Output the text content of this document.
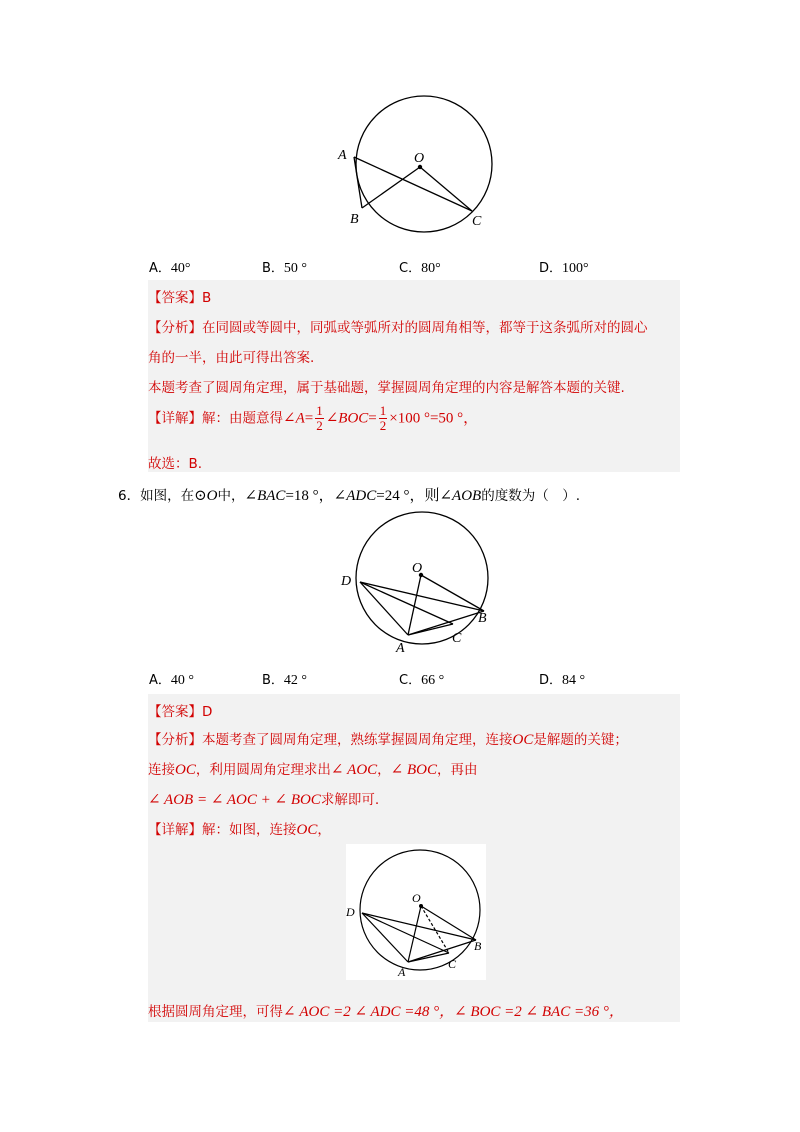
A	O
B	C
A．40°	B．50 °	C．80°	D．100°
【答案】B
【分析】在同圆或等圆中，同弧或等弧所对的圆周角相等，都等于这条弧所对的圆心
角的一半，由此可得出答案.
本题考查了圆周角定理，属于基础题，掌握圆周角定理的内容是解答本题的关键.
【详解】解：由题意得∠A= $\frac{1}{2}$ ∠BOC= $\frac{1}{2} \times 100$ °=50 °，
故选：B.
6．如图，在⊙O中，∠BAC=18 °，∠ADC=24 °，则∠AOB的度数为（　）.
D
O
B
C
A
A．40 °	B．42 °	C．66 °	D．84 °
【答案】D
【分析】本题考查了圆周角定理，熟练掌握圆周角定理，连接OC是解题的关键；
连接OC，利用圆周角定理求出∠ AOC，∠ BOC，再由
∠ AOB = ∠ AOC + ∠ BOC求解即可.
【详解】解：如图，连接OC，
D
O
B
C
A
根据圆周角定理，可得∠ AOC =2 ∠ ADC =48 °，∠ BOC =2 ∠ BAC =36 °，
